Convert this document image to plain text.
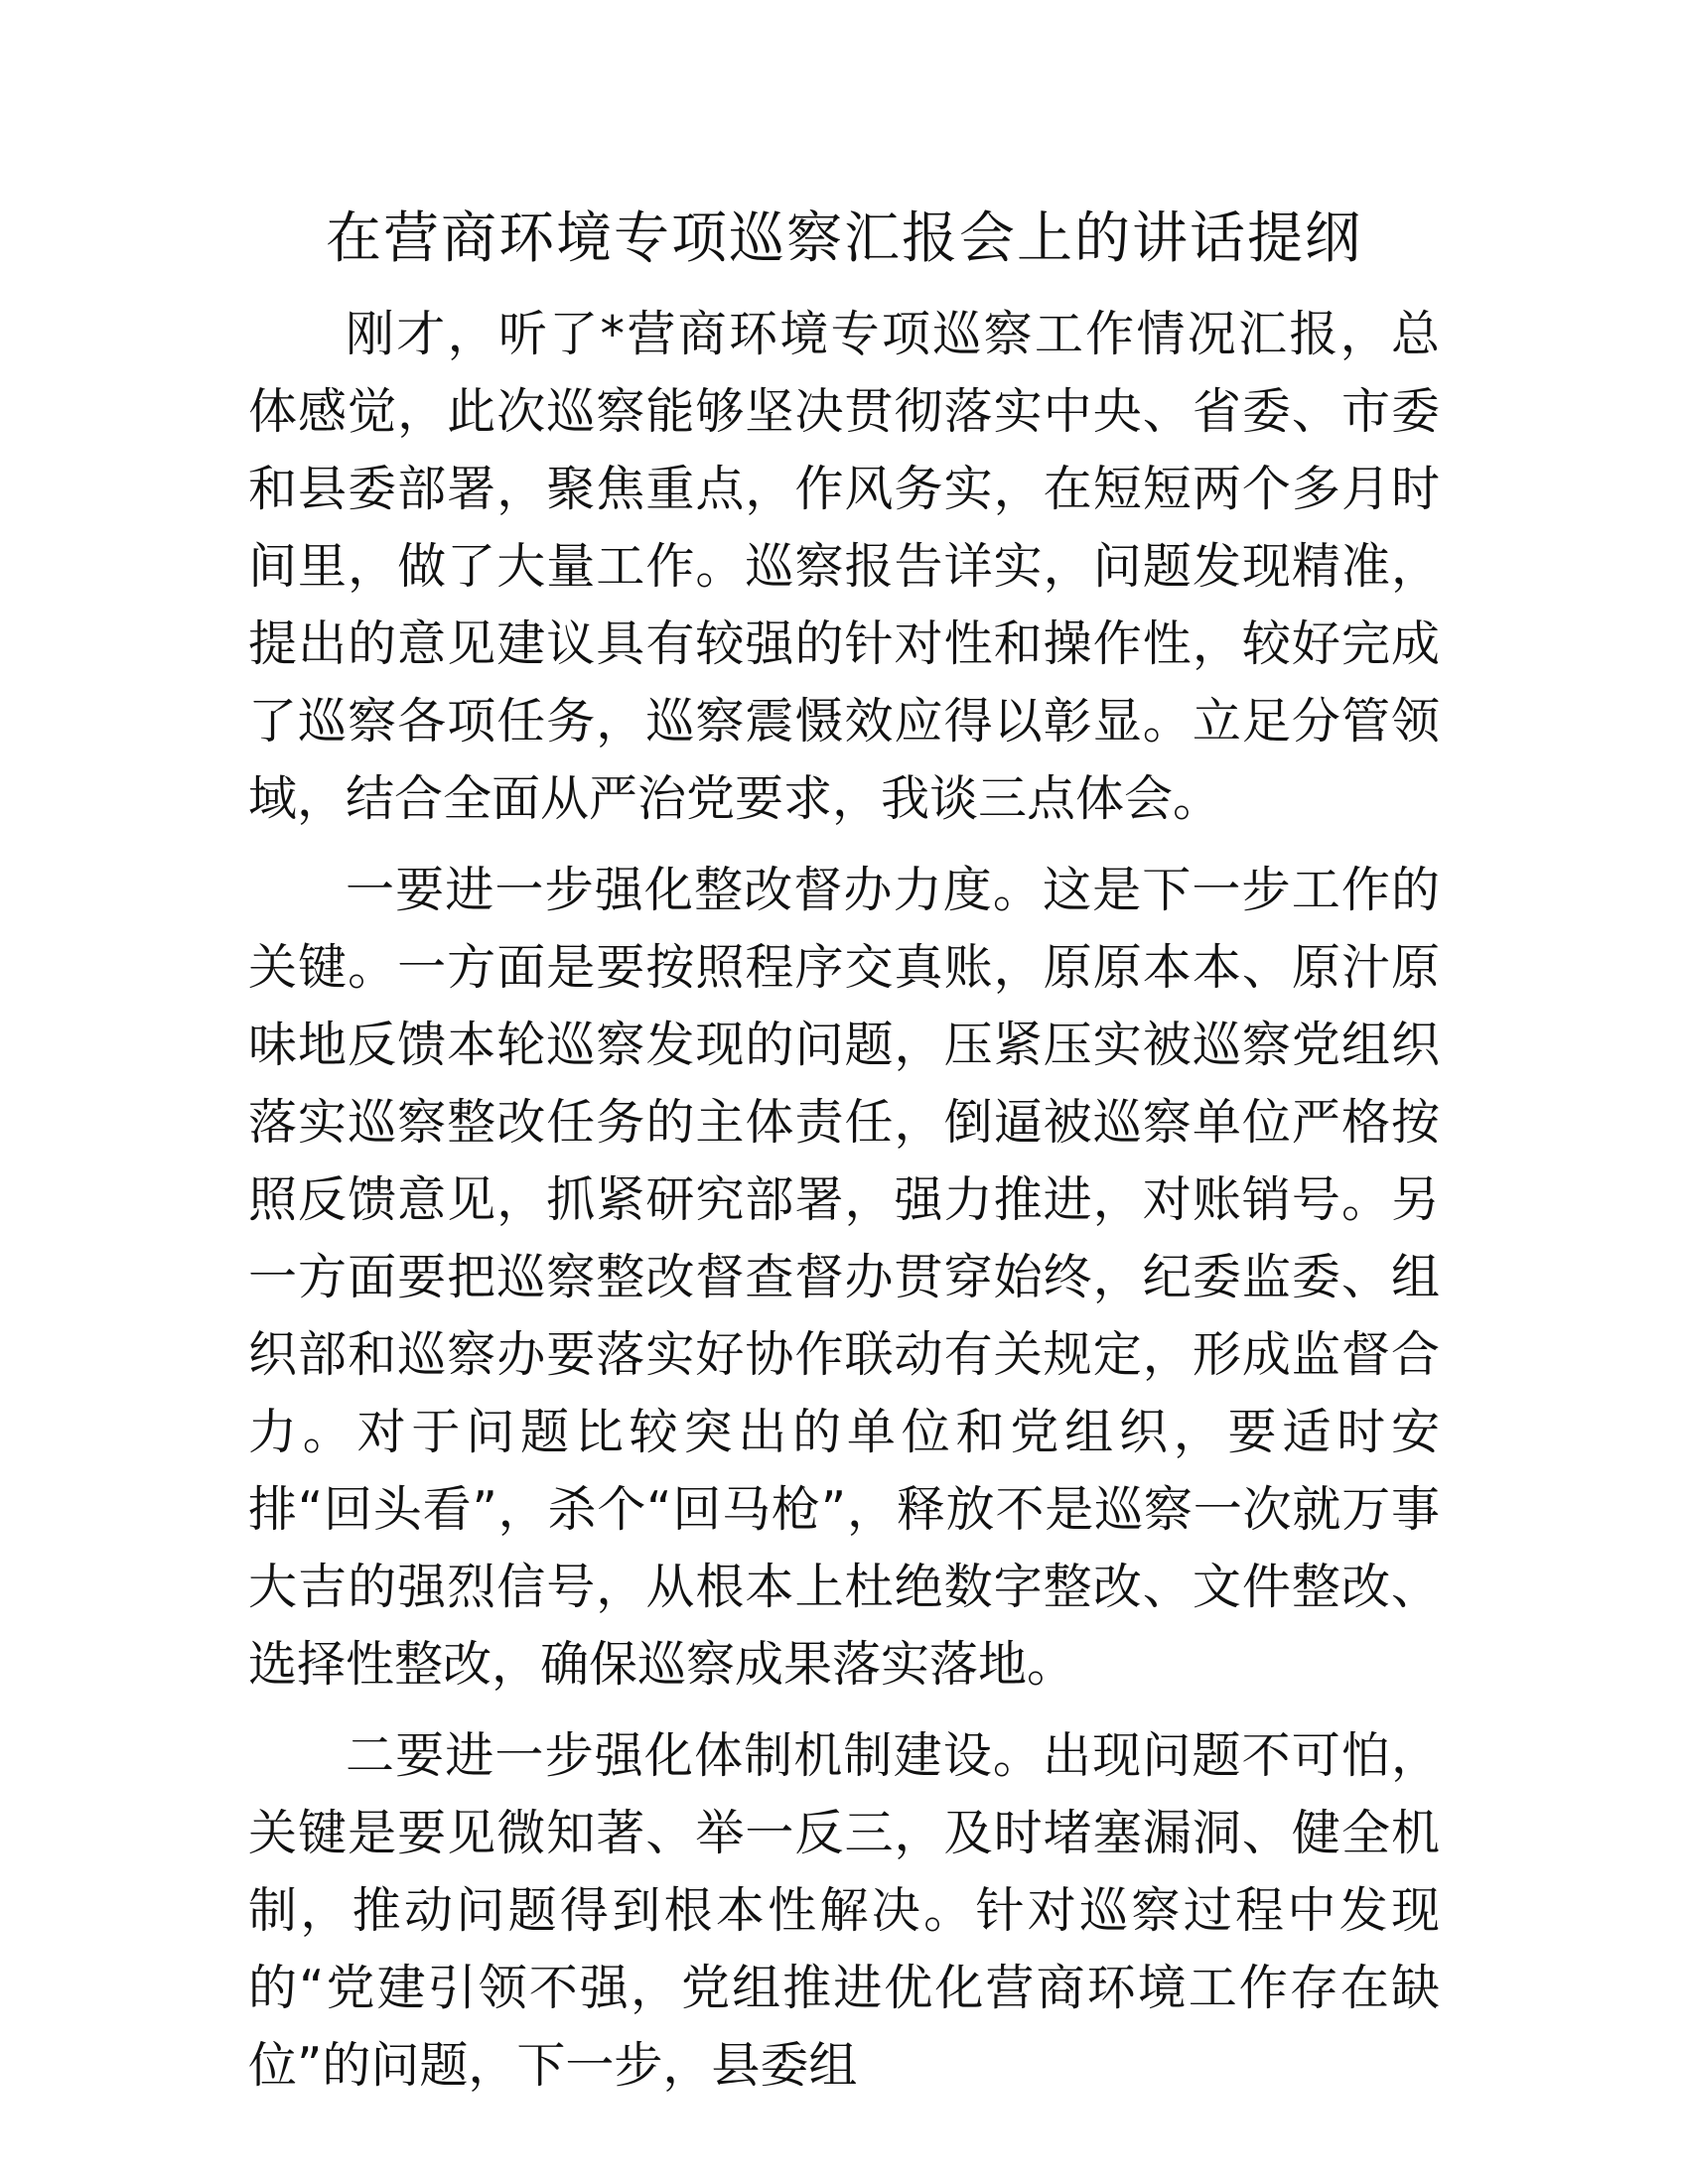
在营商环境专项巡察汇报会上的讲话提纲

刚才，听了*营商环境专项巡察工作情况汇报，总体感觉，此次巡察能够坚决贯彻落实中央、省委、市委和县委部署，聚焦重点，作风务实，在短短两个多月时间里，做了大量工作。巡察报告详实，问题发现精准，提出的意见建议具有较强的针对性和操作性，较好完成了巡察各项任务，巡察震慑效应得以彰显。立足分管领域，结合全面从严治党要求，我谈三点体会。

一要进一步强化整改督办力度。这是下一步工作的关键。一方面是要按照程序交真账，原原本本、原汁原味地反馈本轮巡察发现的问题，压紧压实被巡察党组织落实巡察整改任务的主体责任，倒逼被巡察单位严格按照反馈意见，抓紧研究部署，强力推进，对账销号。另一方面要把巡察整改督查督办贯穿始终，纪委监委、组织部和巡察办要落实好协作联动有关规定，形成监督合力。对于问题比较突出的单位和党组织，要适时安排“回头看”，杀个“回马枪”，释放不是巡察一次就万事大吉的强烈信号，从根本上杜绝数字整改、文件整改、选择性整改，确保巡察成果落实落地。

二要进一步强化体制机制建设。出现问题不可怕，关键是要见微知著、举一反三，及时堵塞漏洞、健全机制，推动问题得到根本性解决。针对巡察过程中发现的“党建引领不强，党组推进优化营商环境工作存在缺位”的问题，下一步，县委组
